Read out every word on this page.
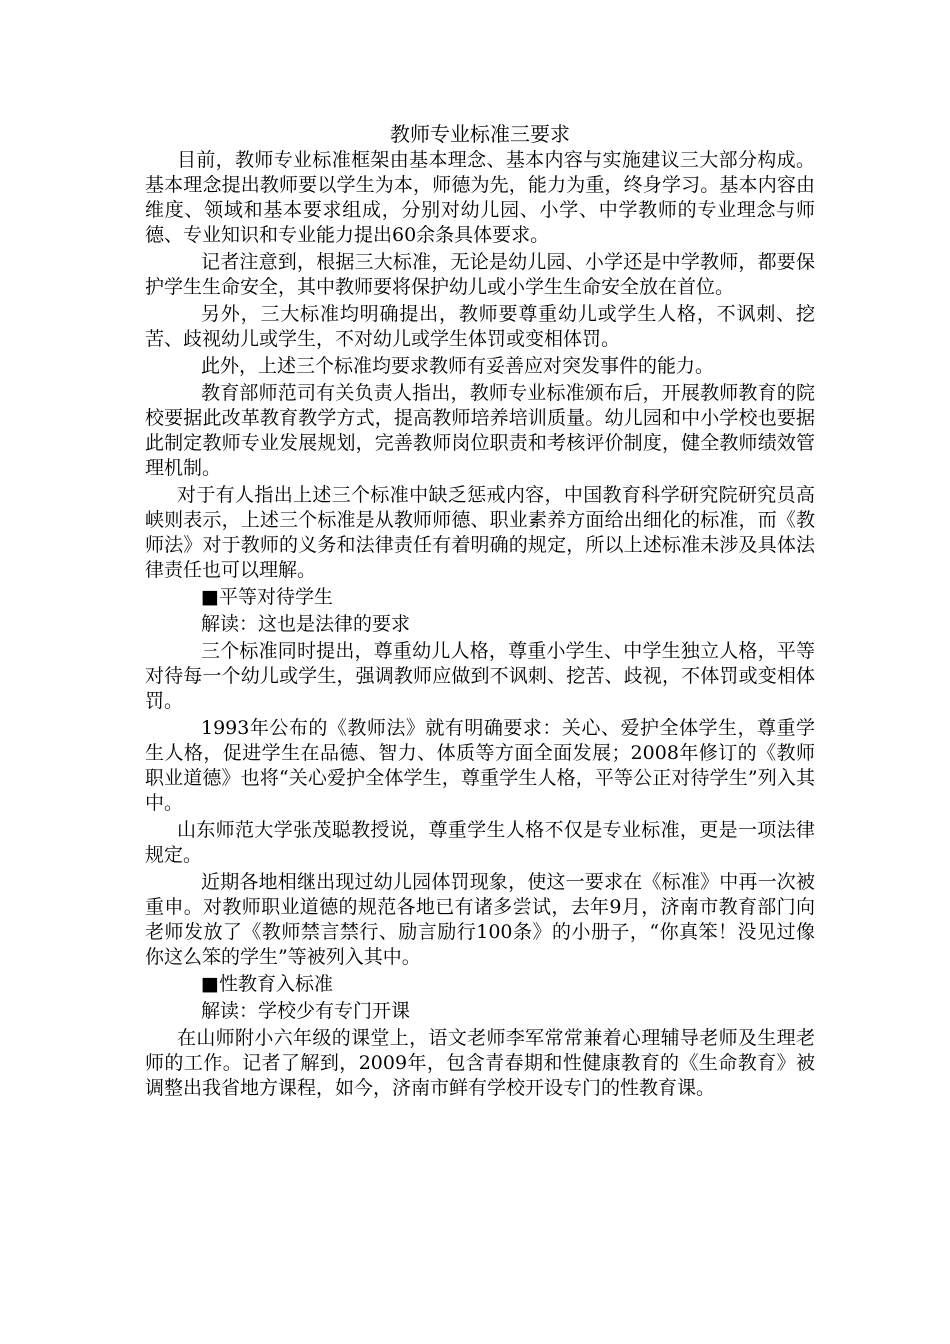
教师专业标准三要求

目前，教师专业标准框架由基本理念、基本内容与实施建议三大部分构成。基本理念提出教师要以学生为本，师德为先，能力为重，终身学习。基本内容由维度、领域和基本要求组成，分别对幼儿园、小学、中学教师的专业理念与师德、专业知识和专业能力提出60余条具体要求。

记者注意到，根据三大标准，无论是幼儿园、小学还是中学教师，都要保护学生生命安全，其中教师要将保护幼儿或小学生生命安全放在首位。

另外，三大标准均明确提出，教师要尊重幼儿或学生人格，不讽刺、挖苦、歧视幼儿或学生，不对幼儿或学生体罚或变相体罚。

此外，上述三个标准均要求教师有妥善应对突发事件的能力。

教育部师范司有关负责人指出，教师专业标准颁布后，开展教师教育的院校要据此改革教育教学方式，提高教师培养培训质量。幼儿园和中小学校也要据此制定教师专业发展规划，完善教师岗位职责和考核评价制度，健全教师绩效管理机制。

对于有人指出上述三个标准中缺乏惩戒内容，中国教育科学研究院研究员高峡则表示，上述三个标准是从教师师德、职业素养方面给出细化的标准，而《教师法》对于教师的义务和法律责任有着明确的规定，所以上述标准未涉及具体法律责任也可以理解。

■平等对待学生
解读：这也是法律的要求

三个标准同时提出，尊重幼儿人格，尊重小学生、中学生独立人格，平等对待每一个幼儿或学生，强调教师应做到不讽刺、挖苦、歧视，不体罚或变相体罚。

1993年公布的《教师法》就有明确要求：关心、爱护全体学生，尊重学生人格，促进学生在品德、智力、体质等方面全面发展；2008年修订的《教师职业道德》也将“关心爱护全体学生，尊重学生人格，平等公正对待学生”列入其中。

山东师范大学张茂聪教授说，尊重学生人格不仅是专业标准，更是一项法律规定。

近期各地相继出现过幼儿园体罚现象，使这一要求在《标准》中再一次被重申。对教师职业道德的规范各地已有诸多尝试，去年9月，济南市教育部门向老师发放了《教师禁言禁行、励言励行100条》的小册子，“你真笨！没见过像你这么笨的学生”等被列入其中。

■性教育入标准
解读：学校少有专门开课

在山师附小六年级的课堂上，语文老师李军常常兼着心理辅导老师及生理老师的工作。记者了解到，2009年，包含青春期和性健康教育的《生命教育》被调整出我省地方课程，如今，济南市鲜有学校开设专门的性教育课。
